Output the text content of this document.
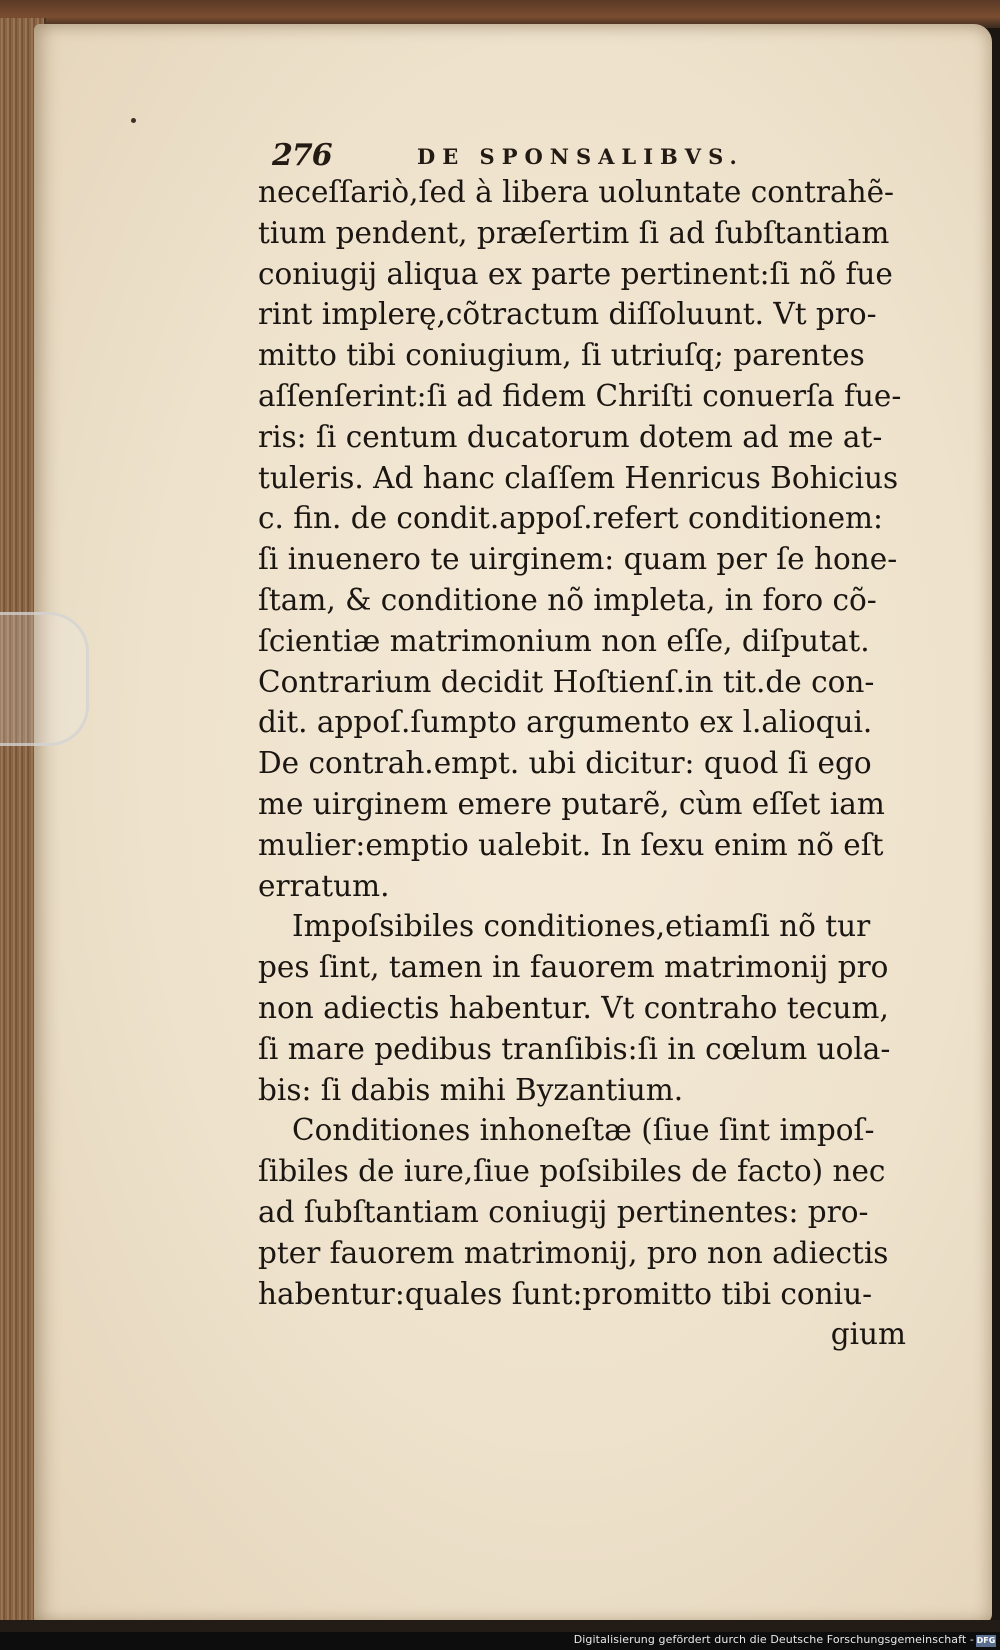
276	DE SPONSALIBVS.
neceſſariò,ſed à libera uoluntate contrahẽ-
tium pendent, præſertim ſi ad ſubſtantiam
coniugij aliqua ex parte pertinent:ſi nõ fue
rint implerę,cõtractum diſſoluunt. Vt pro-
mitto tibi coniugium, ſi utriuſq; parentes
aſſenſerint:ſi ad fidem Chriſti conuerſa fue-
ris: ſi centum ducatorum dotem ad me at-
tuleris. Ad hanc claſſem Henricus Bohicius
c. fin. de condit.appoſ.refert conditionem:
ſi inuenero te uirginem: quam per ſe hone-
ſtam, & conditione nõ impleta, in foro cõ-
ſcientiæ matrimonium non eſſe, diſputat.
Contrarium decidit Hoſtienſ.in tit.de con-
dit. appoſ.ſumpto argumento ex l.alioqui.
De contrah.empt. ubi dicitur: quod ſi ego
me uirginem emere putarẽ, cùm eſſet iam
mulier:emptio ualebit. In ſexu enim nõ eſt
erratum.
Impoſsibiles conditiones,etiamſi nõ tur
pes ſint, tamen in fauorem matrimonij pro
non adiectis habentur. Vt contraho tecum,
ſi mare pedibus tranſibis:ſi in cœlum uola-
bis: ſi dabis mihi Byzantium.
Conditiones inhoneſtæ (ſiue ſint impoſ-
ſibiles de iure,ſiue poſsibiles de facto) nec
ad ſubſtantiam coniugij pertinentes: pro-
pter fauorem matrimonij, pro non adiectis
habentur:quales ſunt:promitto tibi coniu-
gium
Digitalisierung gefördert durch die Deutsche Forschungsgemeinschaft - DFG
